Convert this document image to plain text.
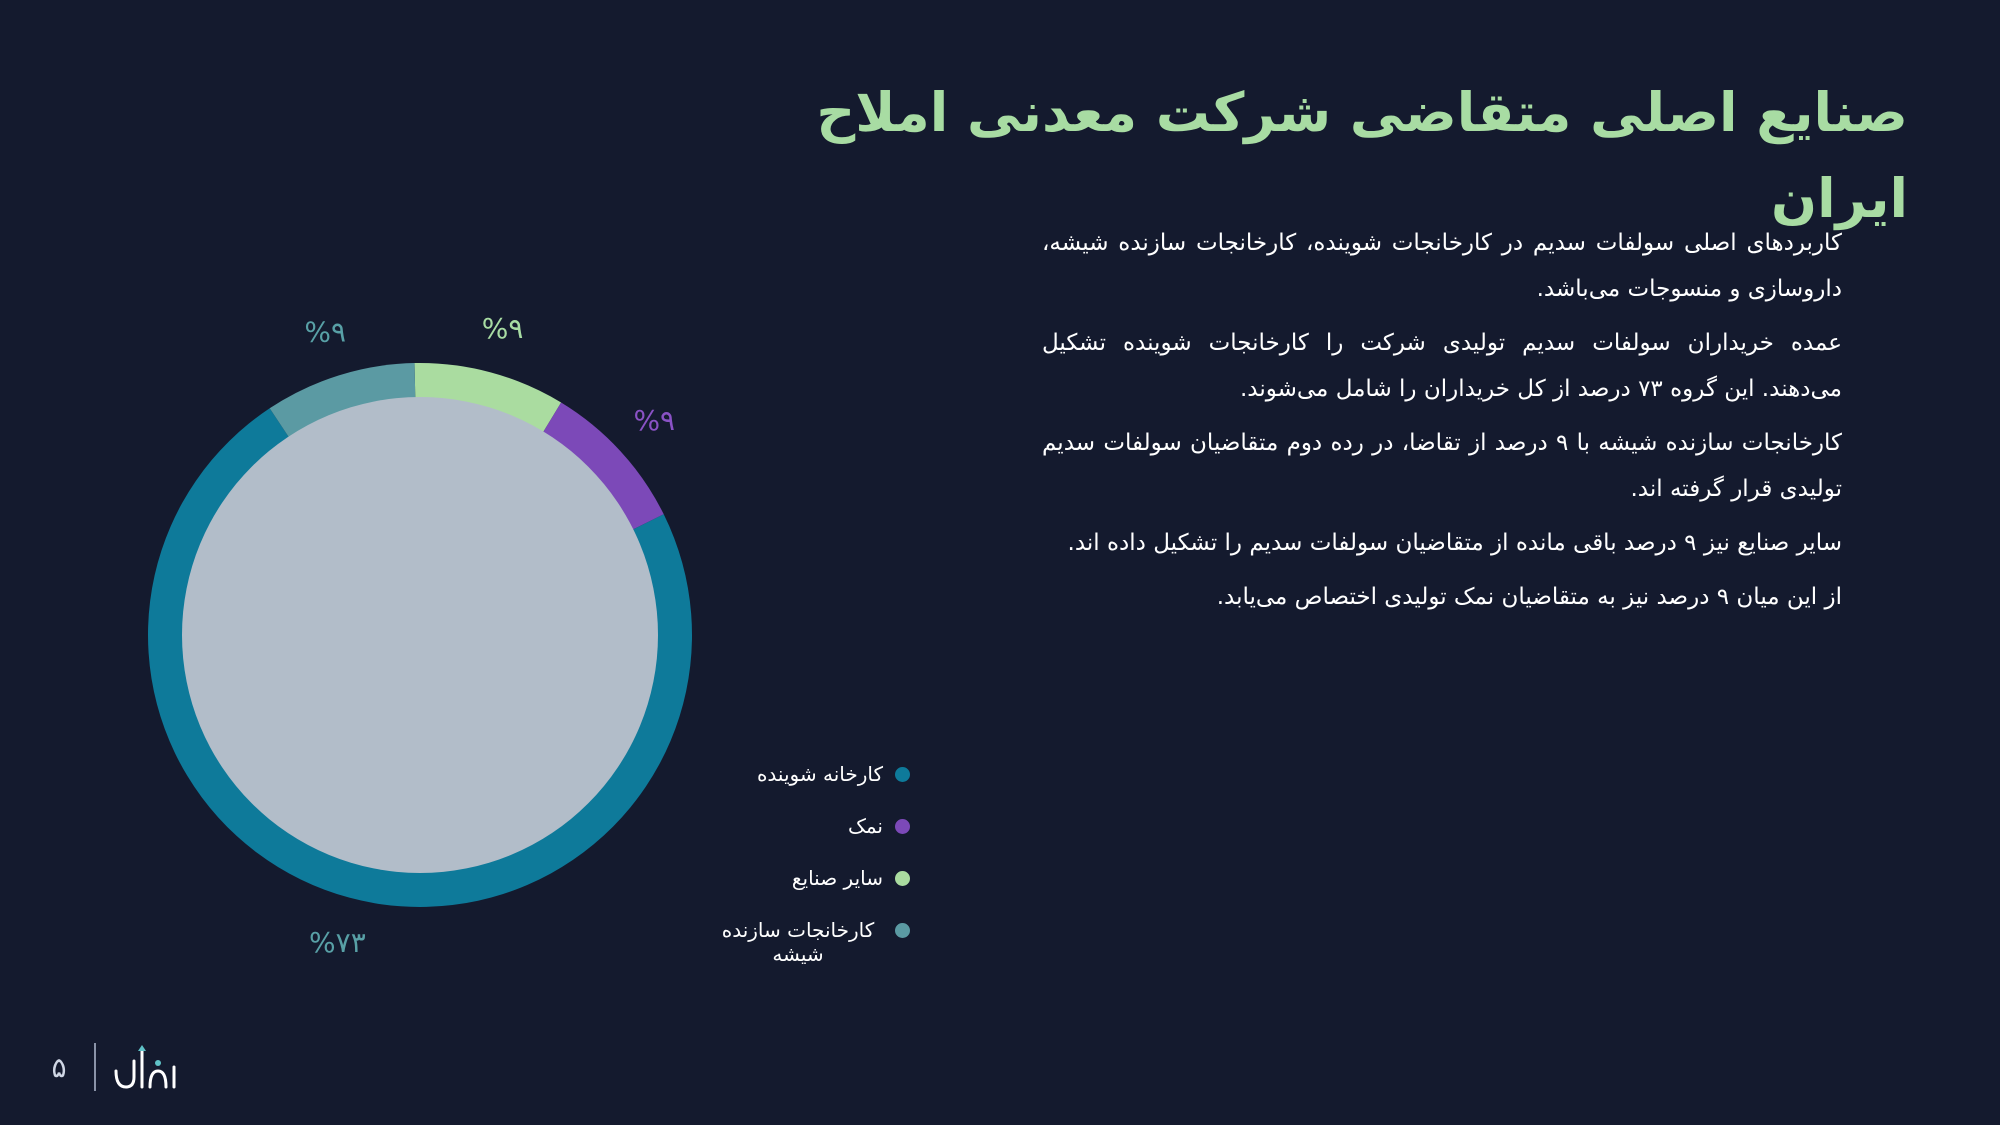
صنایع اصلی متقاضی شرکت معدنی املاح ایران

کاربردهای اصلی سولفات سدیم در کارخانجات شوینده، کارخانجات سازنده شیشه، داروسازی و منسوجات می‌باشد.

عمده خریداران سولفات سدیم تولیدی شرکت را کارخانجات شوینده تشکیل می‌دهند. این گروه ۷۳ درصد از کل خریداران را شامل می‌شوند.

کارخانجات سازنده شیشه با ۹ درصد از تقاضا، در رده دوم متقاضیان سولفات سدیم تولیدی قرار گرفته اند.

سایر صنایع نیز ۹ درصد باقی مانده از متقاضیان سولفات سدیم را تشکیل داده اند.

از این میان ۹ درصد نیز به متقاضیان نمک تولیدی اختصاص می‌یابد.

%۹
%۹
%۷۳
%۹
کارخانه شوینده
نمک
سایر صنایع
کارخانجات سازنده شیشه
۵
